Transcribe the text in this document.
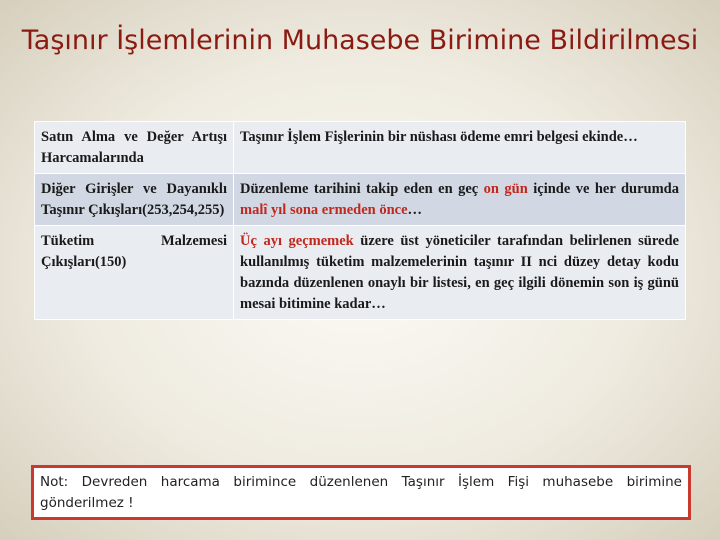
Taşınır İşlemlerinin Muhasebe Birimine Bildirilmesi
Satın Alma ve Değer Artışı Harcamalarında	Taşınır İşlem Fişlerinin bir nüshası ödeme emri belgesi ekinde…
Diğer Girişler ve Dayanıklı Taşınır Çıkışları(253,254,255)	Düzenleme tarihini takip eden en geç on gün içinde ve her durumda malî yıl sona ermeden önce…
Tüketim Malzemesi Çıkışları(150)	Üç ayı geçmemek üzere üst yöneticiler tarafından belirlenen sürede kullanılmış tüketim malzemelerinin taşınır II nci düzey detay kodu bazında düzenlenen onaylı bir listesi, en geç ilgili dönemin son iş günü mesai bitimine kadar…
Not: Devreden harcama birimince düzenlenen Taşınır İşlem Fişi muhasebe birimine gönderilmez !
